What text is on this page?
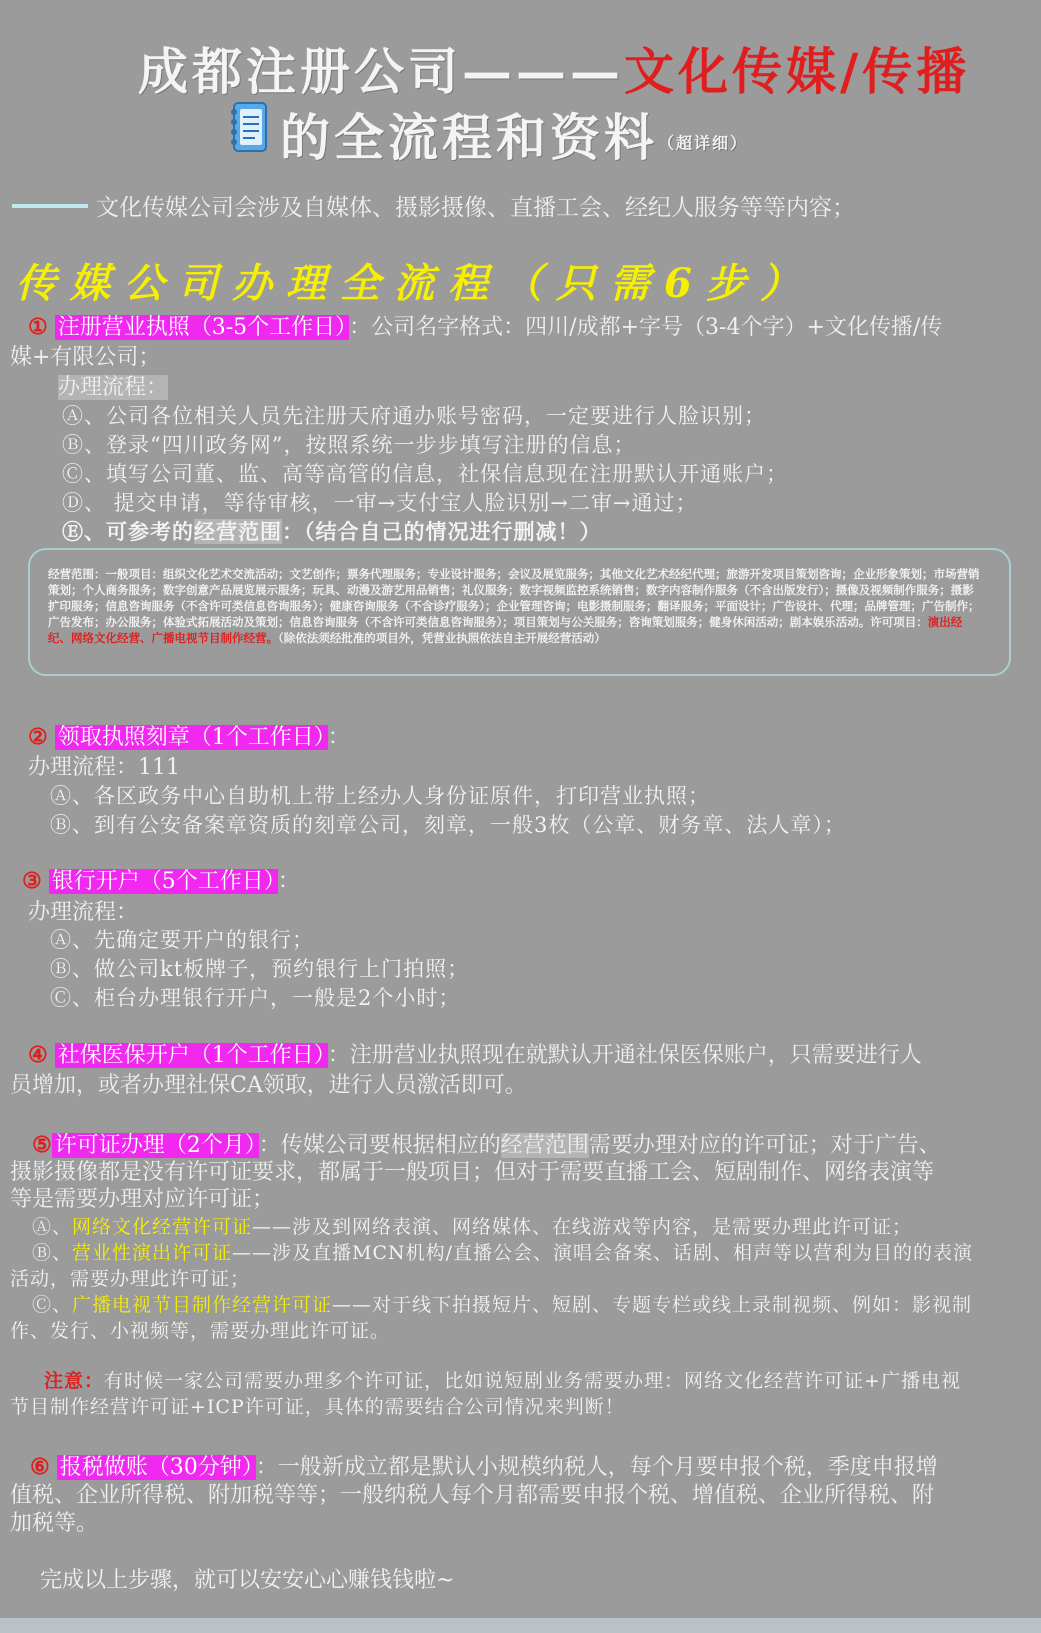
成都注册公司———文化传媒/传播
的全流程和资料（超详细）
文化传媒公司会涉及自媒体、摄影摄像、直播工会、经纪人服务等等内容；
传媒公司办理全流程（只需6步）
① 注册营业执照（3-5个工作日） ：公司名字格式：四川/成都+字号（3-4个字）+文化传播/传
媒+有限公司；
办理流程：
Ⓐ、公司各位相关人员先注册天府通办账号密码，一定要进行人脸识别；
Ⓑ、登录“四川政务网”，按照系统一步步填写注册的信息；
Ⓒ、填写公司董、监、高等高管的信息，社保信息现在注册默认开通账户；
Ⓓ、 提交申请，等待审核，一审→支付宝人脸识别→二审→通过；
Ⓔ、可参考的经营范围：（结合自己的情况进行删减！）
经营范围：一般项目：组织文化艺术交流活动；文艺创作；票务代理服务；专业设计服务；会议及展览服务；其他文化艺术经纪代理；旅游开发项目策划咨询；企业形象策划；市场营销策划；个人商务服务；数字创意产品展览展示服务；玩具、动漫及游艺用品销售；礼仪服务；数字视频监控系统销售；数字内容制作服务（不含出版发行）；摄像及视频制作服务；摄影扩印服务；信息咨询服务（不含许可类信息咨询服务）；健康咨询服务（不含诊疗服务）；企业管理咨询；电影摄制服务；翻译服务；平面设计；广告设计、代理；品牌管理；广告制作；广告发布；办公服务；体验式拓展活动及策划；信息咨询服务（不含许可类信息咨询服务）；项目策划与公关服务；咨询策划服务；健身休闲活动；剧本娱乐活动。许可项目：演出经纪、网络文化经营、广播电视节目制作经营。（除依法须经批准的项目外，凭营业执照依法自主开展经营活动）
② 领取执照刻章（1个工作日） ：
办理流程：111
Ⓐ、各区政务中心自助机上带上经办人身份证原件，打印营业执照；
Ⓑ、到有公安备案章资质的刻章公司，刻章，一般3枚（公章、财务章、法人章）；
③ 银行开户（5个工作日） ：
办理流程：
Ⓐ、先确定要开户的银行；
Ⓑ、做公司kt板牌子，预约银行上门拍照；
Ⓒ、柜台办理银行开户，一般是2个小时；
④ 社保医保开户（1个工作日） ：注册营业执照现在就默认开通社保医保账户，只需要进行人
员增加，或者办理社保CA领取，进行人员激活即可。
⑤ 许可证办理（2个月） ：传媒公司要根据相应的经营范围需要办理对应的许可证；对于广告、
摄影摄像都是没有许可证要求，都属于一般项目；但对于需要直播工会、短剧制作、网络表演等
等是需要办理对应许可证；
Ⓐ、网络文化经营许可证——涉及到网络表演、网络媒体、在线游戏等内容，是需要办理此许可证；
Ⓑ、营业性演出许可证——涉及直播MCN机构/直播公会、演唱会备案、话剧、相声等以营利为目的的表演
活动，需要办理此许可证；
Ⓒ、广播电视节目制作经营许可证——对于线下拍摄短片、短剧、专题专栏或线上录制视频、例如：影视制
作、发行、小视频等，需要办理此许可证。
注意：有时候一家公司需要办理多个许可证，比如说短剧业务需要办理：网络文化经营许可证+广播电视
节目制作经营许可证+ICP许可证，具体的需要结合公司情况来判断！
⑥ 报税做账（30分钟） ：一般新成立都是默认小规模纳税人，每个月要申报个税，季度申报增
值税、企业所得税、附加税等等；一般纳税人每个月都需要申报个税、增值税、企业所得税、附
加税等。
完成以上步骤，就可以安安心心赚钱钱啦~
